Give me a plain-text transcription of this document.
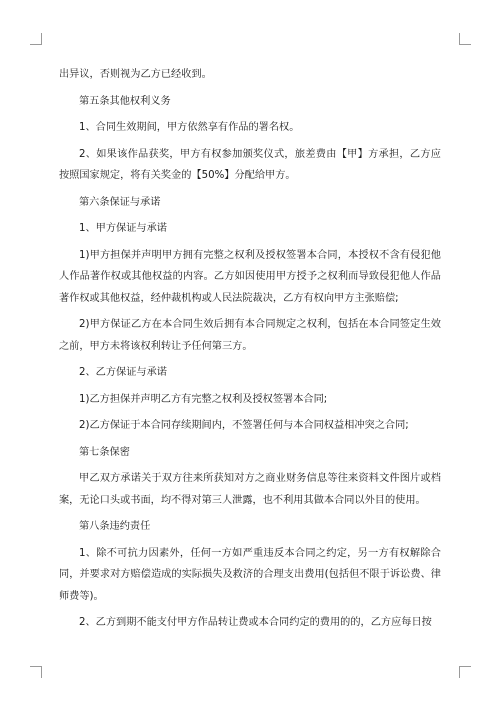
出异议，否则视为乙方已经收到。

第五条其他权利义务

1、合同生效期间，甲方依然享有作品的署名权。

2、如果该作品获奖，甲方有权参加颁奖仪式，旅差费由【甲】方承担，乙方应按照国家规定，将有关奖金的【50%】分配给甲方。

第六条保证与承诺

1、甲方保证与承诺

1)甲方担保并声明甲方拥有完整之权利及授权签署本合同，本授权不含有侵犯他人作品著作权或其他权益的内容。乙方如因使用甲方授予之权利而导致侵犯他人作品著作权或其他权益，经仲裁机构或人民法院裁决，乙方有权向甲方主张赔偿;

2)甲方保证乙方在本合同生效后拥有本合同规定之权利，包括在本合同签定生效之前，甲方未将该权利转让予任何第三方。

2、乙方保证与承诺

1)乙方担保并声明乙方有完整之权利及授权签署本合同;

2)乙方保证于本合同存续期间内，不签署任何与本合同权益相冲突之合同;

第七条保密

甲乙双方承诺关于双方往来所获知对方之商业财务信息等往来资料文件图片或档案，无论口头或书面，均不得对第三人泄露，也不利用其做本合同以外目的使用。

第八条违约责任

1、除不可抗力因素外，任何一方如严重违反本合同之约定，另一方有权解除合同，并要求对方赔偿造成的实际损失及救济的合理支出费用(包括但不限于诉讼费、律师费等)。

2、乙方到期不能支付甲方作品转让费或本合同约定的费用的的，乙方应每日按
